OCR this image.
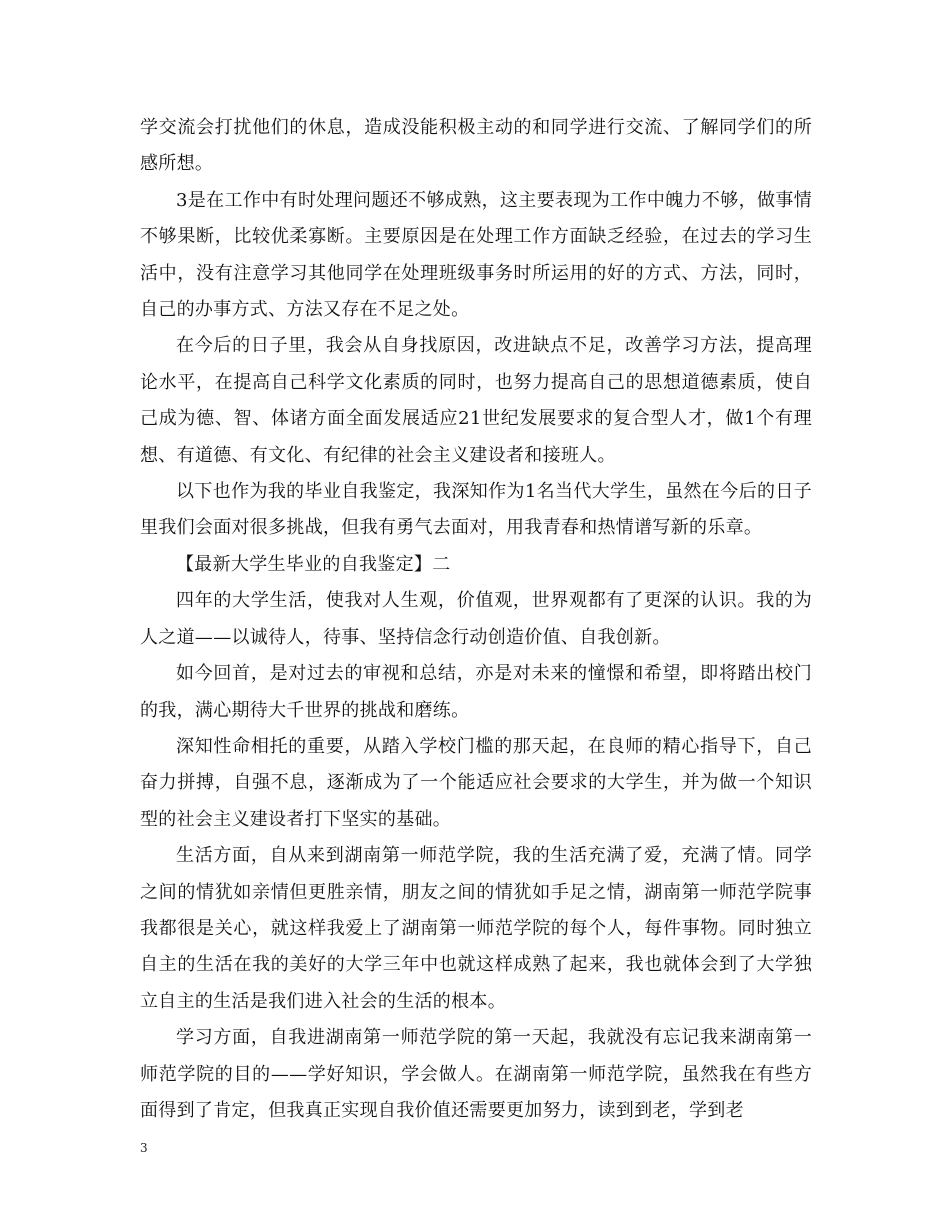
学交流会打扰他们的休息，造成没能积极主动的和同学进行交流、了解同学们的所感所想。

3是在工作中有时处理问题还不够成熟，这主要表现为工作中魄力不够，做事情不够果断，比较优柔寡断。主要原因是在处理工作方面缺乏经验，在过去的学习生活中，没有注意学习其他同学在处理班级事务时所运用的好的方式、方法，同时，自己的办事方式、方法又存在不足之处。

在今后的日子里，我会从自身找原因，改进缺点不足，改善学习方法，提高理论水平，在提高自己科学文化素质的同时，也努力提高自己的思想道德素质，使自己成为德、智、体诸方面全面发展适应21世纪发展要求的复合型人才，做1个有理想、有道德、有文化、有纪律的社会主义建设者和接班人。

以下也作为我的毕业自我鉴定，我深知作为1名当代大学生，虽然在今后的日子里我们会面对很多挑战，但我有勇气去面对，用我青春和热情谱写新的乐章。

【最新大学生毕业的自我鉴定】二

四年的大学生活，使我对人生观，价值观，世界观都有了更深的认识。我的为人之道——以诚待人，待事、坚持信念行动创造价值、自我创新。

如今回首，是对过去的审视和总结，亦是对未来的憧憬和希望，即将踏出校门的我，满心期待大千世界的挑战和磨练。

深知性命相托的重要，从踏入学校门槛的那天起，在良师的精心指导下，自己奋力拼搏，自强不息，逐渐成为了一个能适应社会要求的大学生，并为做一个知识型的社会主义建设者打下坚实的基础。

生活方面，自从来到湖南第一师范学院，我的生活充满了爱，充满了情。同学之间的情犹如亲情但更胜亲情，朋友之间的情犹如手足之情，湖南第一师范学院事我都很是关心，就这样我爱上了湖南第一师范学院的每个人，每件事物。同时独立自主的生活在我的美好的大学三年中也就这样成熟了起来，我也就体会到了大学独立自主的生活是我们进入社会的生活的根本。

学习方面，自我进湖南第一师范学院的第一天起，我就没有忘记我来湖南第一师范学院的目的——学好知识，学会做人。在湖南第一师范学院，虽然我在有些方面得到了肯定，但我真正实现自我价值还需要更加努力，读到到老，学到老

3
